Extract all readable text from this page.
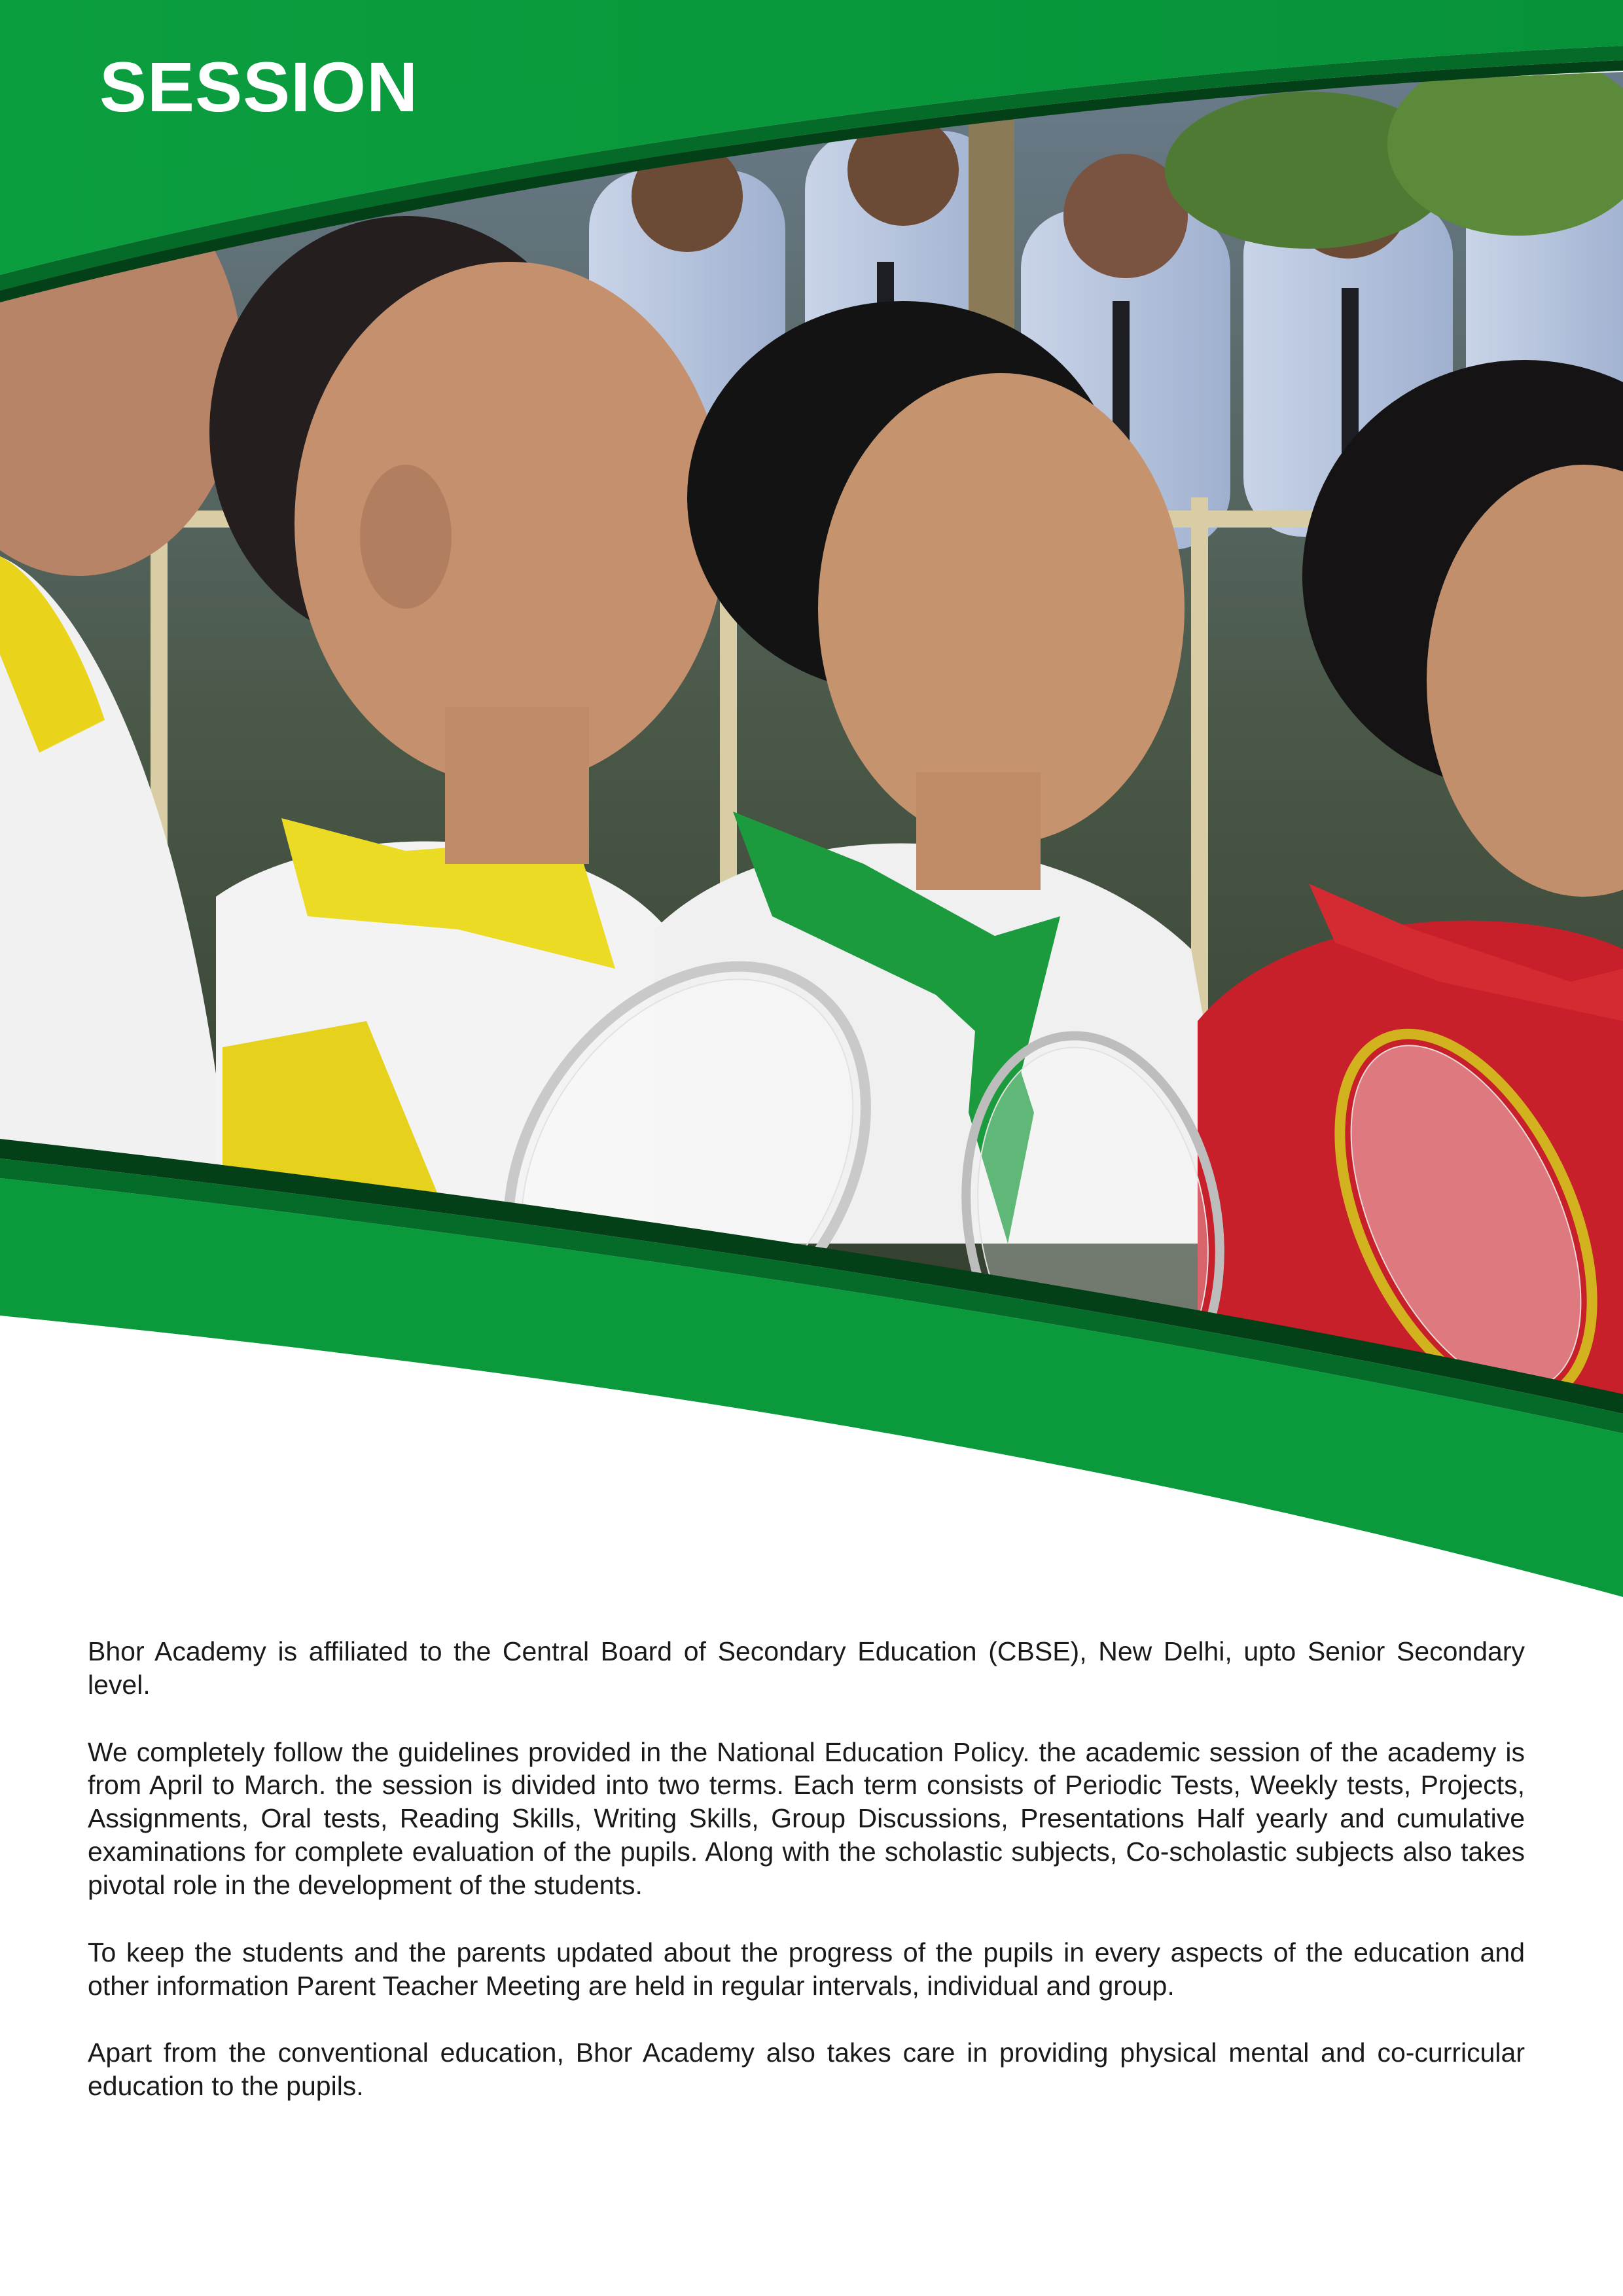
SESSION

Bhor Academy is affiliated to the Central Board of Secondary Education (CBSE), New Delhi, upto Senior Secondary level.

We completely follow the guidelines provided in the National Education Policy. the academic session of the academy is from April to March. the session is divided into two terms. Each term consists of Periodic Tests, Weekly tests, Projects, Assignments, Oral tests, Reading Skills, Writing Skills, Group Discussions, Presentations Half yearly and cumulative examinations for complete evaluation of the pupils. Along with the scholastic subjects, Co-scholastic subjects also takes pivotal role in the development of the students.

To keep the students and the parents updated about the progress of the pupils in every aspects of the education and other information Parent Teacher Meeting are held in regular intervals, individual and group.

Apart from the conventional education, Bhor Academy also takes care in providing physical mental and co-curricular education to the pupils.
